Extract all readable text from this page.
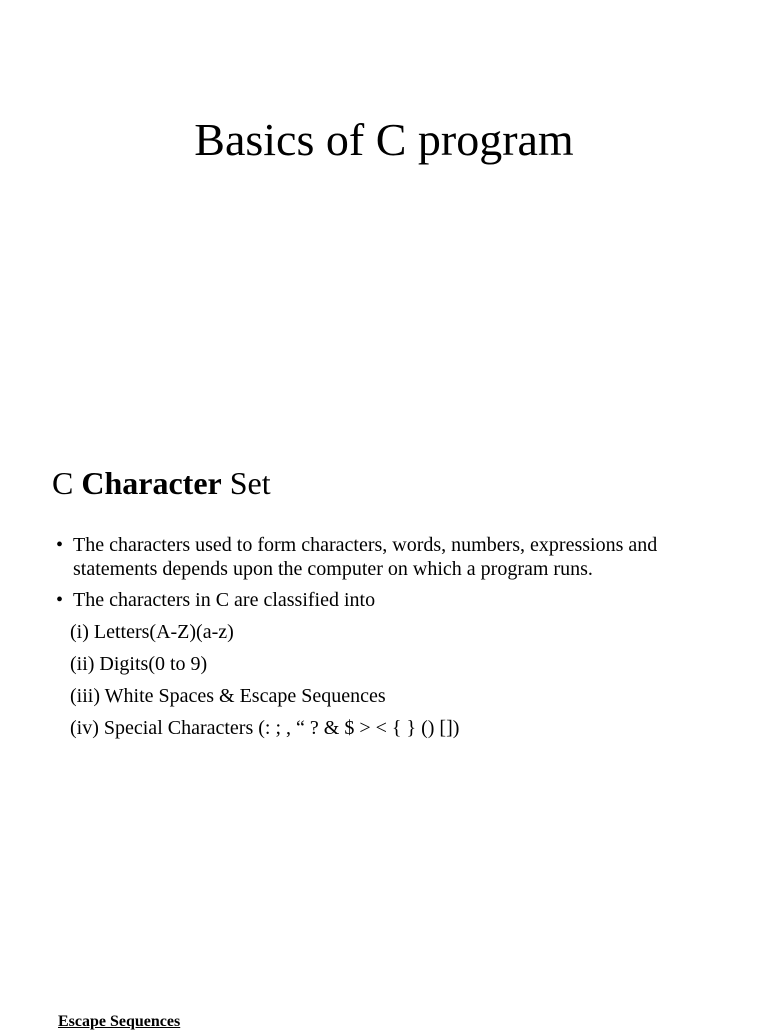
Basics of C program
C Character Set
• The characters used to form characters, words, numbers, expressions and statements depends upon the computer on which a program runs.
• The characters in C are classified into
(i) Letters(A-Z)(a-z)
(ii) Digits(0 to 9)
(iii) White Spaces & Escape Sequences
(iv) Special Characters (: ; , “ ? & $ > < { } () [])
Escape Sequences
